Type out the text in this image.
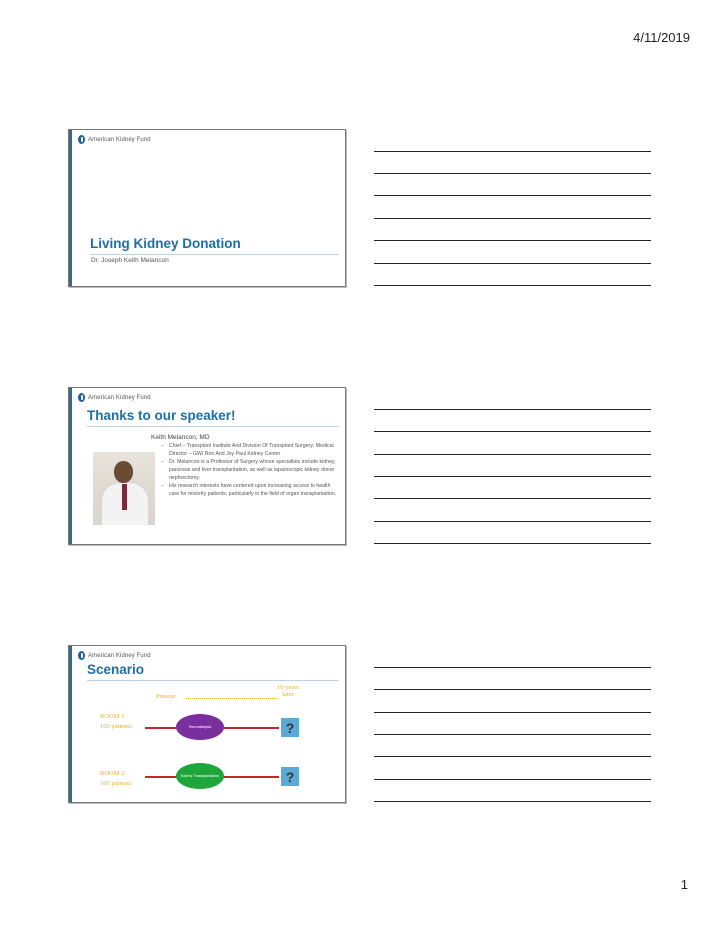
4/11/2019
American Kidney Fund
Living Kidney Donation
Dr. Joseph Keith Melancon
American Kidney Fund
Thanks to our speaker!
Keith Melancon, MD
– Chief – Transplant Institute And Division Of Transplant Surgery; Medical Director – GW/ Ron And Joy Paul Kidney Center
– Dr. Melancon is a Professor of Surgery whose specialties include kidney, pancreas and liver transplantation, as well as laparoscopic kidney donor nephrectomy.
– His research interests have centered upon increasing access to health care for minority patients, particularly in the field of organ transplantation.
American Kidney Fund
Scenario
Present
10 years
later
ROOM 1
100 patients	Hemodialysis	?
ROOM 2
100 patients
Kidney Transplantation	?
1
